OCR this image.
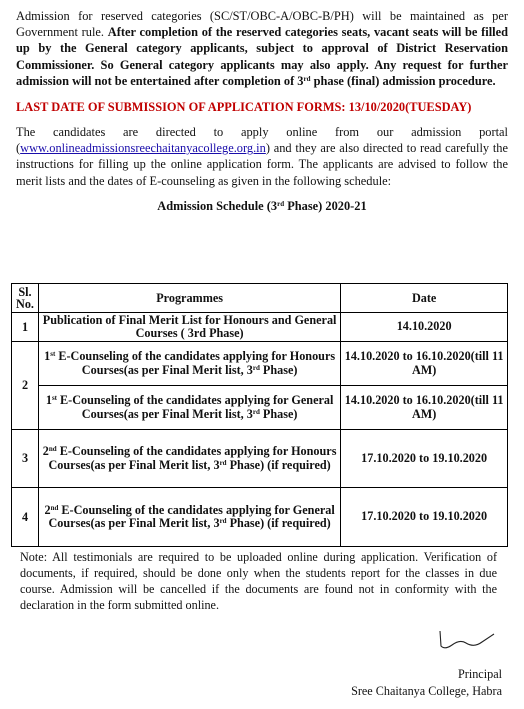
Admission for reserved categories (SC/ST/OBC-A/OBC-B/PH) will be maintained as per Government rule. After completion of the reserved categories seats, vacant seats will be filled up by the General category applicants, subject to approval of District Reservation Commissioner. So General category applicants may also apply. Any request for further admission will not be entertained after completion of 3rd phase (final) admission procedure.

LAST DATE OF SUBMISSION OF APPLICATION FORMS: 13/10/2020(TUESDAY)

The candidates are directed to apply online from our admission portal (www.onlineadmissionsreechaitanyacollege.org.in) and they are also directed to read carefully the instructions for filling up the online application form. The applicants are advised to follow the merit lists and the dates of E-counseling as given in the following schedule:

Admission Schedule (3rd Phase) 2020-21

Sl. No.	Programmes	Date
1	Publication of Final Merit List for Honours and General Courses ( 3rd Phase)	14.10.2020
2	1st E-Counseling of the candidates applying for Honours Courses(as per Final Merit list, 3rd Phase)	14.10.2020 to 16.10.2020(till 11 AM)
	1st E-Counseling of the candidates applying for General Courses(as per Final Merit list, 3rd Phase)	14.10.2020 to 16.10.2020(till 11 AM)
3	2nd E-Counseling of the candidates applying for Honours Courses(as per Final Merit list, 3rd Phase) (if required)	17.10.2020 to 19.10.2020
4	2nd E-Counseling of the candidates applying for General Courses(as per Final Merit list, 3rd Phase) (if required)	17.10.2020 to 19.10.2020

Note: All testimonials are required to be uploaded online during application. Verification of documents, if required, should be done only when the students report for the classes in due course. Admission will be cancelled if the documents are found not in conformity with the declaration in the form submitted online.

Principal
Sree Chaitanya College, Habra
